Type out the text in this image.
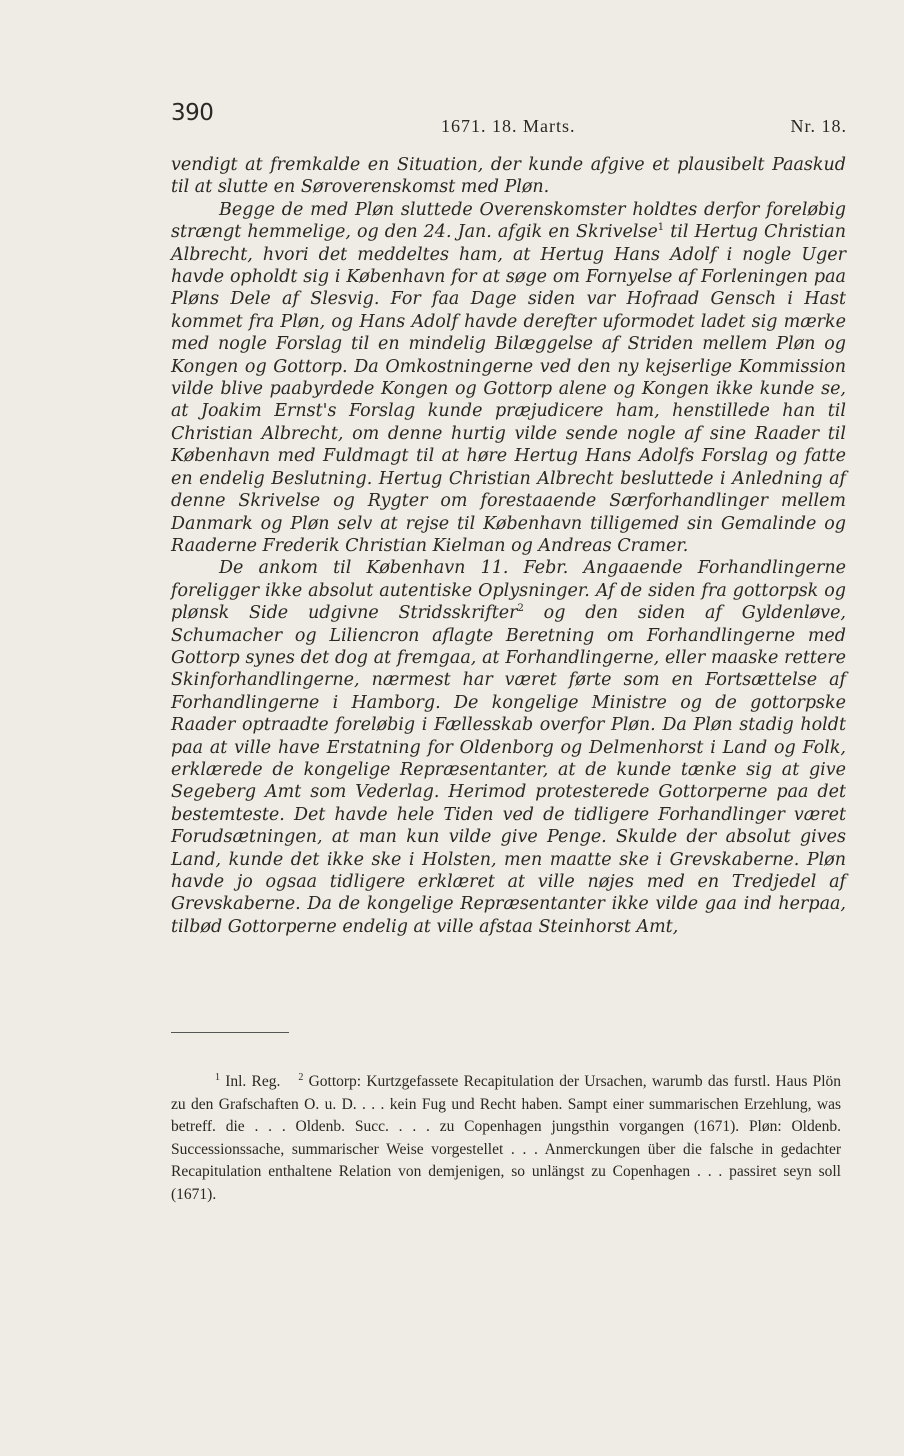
390	1671. 18. Marts.	Nr. 18.

vendigt at fremkalde en Situation, der kunde afgive et plausibelt Paaskud til at slutte en Søroverenskomst med Pløn.

Begge de med Pløn sluttede Overenskomster holdtes derfor foreløbig strængt hemmelige, og den 24. Jan. afgik en Skrivelse$^1$ til Hertug Christian Albrecht, hvori det meddeltes ham, at Hertug Hans Adolf i nogle Uger havde opholdt sig i København for at søge om Fornyelse af Forleningen paa Pløns Dele af Slesvig. For faa Dage siden var Hofraad Gensch i Hast kommet fra Pløn, og Hans Adolf havde derefter uformodet ladet sig mærke med nogle Forslag til en mindelig Bilæggelse af Striden mellem Pløn og Kongen og Gottorp. Da Omkostningerne ved den ny kejserlige Kommission vilde blive paabyrdede Kongen og Gottorp alene og Kongen ikke kunde se, at Joakim Ernst's Forslag kunde præjudicere ham, henstillede han til Christian Albrecht, om denne hurtig vilde sende nogle af sine Raader til København med Fuldmagt til at høre Hertug Hans Adolfs Forslag og fatte en endelig Beslutning. Hertug Christian Albrecht besluttede i Anledning af denne Skrivelse og Rygter om forestaaende Særforhandlinger mellem Danmark og Pløn selv at rejse til København tilligemed sin Gemalinde og Raaderne Frederik Christian Kielman og Andreas Cramer.

De ankom til København 11. Febr. Angaaende Forhandlingerne foreligger ikke absolut autentiske Oplysninger. Af de siden fra gottorpsk og plønsk Side udgivne Stridsskrifter$^2$ og den siden af Gyldenløve, Schumacher og Liliencron aflagte Beretning om Forhandlingerne med Gottorp synes det dog at fremgaa, at Forhandlingerne, eller maaske rettere Skinforhandlingerne, nærmest har været førte som en Fortsættelse af Forhandlingerne i Hamborg. De kongelige Ministre og de gottorpske Raader optraadte foreløbig i Fællesskab overfor Pløn. Da Pløn stadig holdt paa at ville have Erstatning for Oldenborg og Delmenhorst i Land og Folk, erklærede de kongelige Repræsentanter, at de kunde tænke sig at give Segeberg Amt som Vederlag. Herimod protesterede Gottorperne paa det bestemteste. Det havde hele Tiden ved de tidligere Forhandlinger været Forudsætningen, at man kun vilde give Penge. Skulde der absolut gives Land, kunde det ikke ske i Holsten, men maatte ske i Grevskaberne. Pløn havde jo ogsaa tidligere erklæret at ville nøjes med en Tredjedel af Grevskaberne. Da de kongelige Repræsentanter ikke vilde gaa ind herpaa, tilbød Gottorperne endelig at ville afstaa Steinhorst Amt,

$^1$ Inl. Reg. $^2$ Gottorp: Kurtzgefassete Recapitulation der Ursachen, warumb das furstl. Haus Plön zu den Grafschaften O. u. D. . . . kein Fug und Recht haben. Sampt einer summarischen Erzehlung, was betreff. die . . . Oldenb. Succ. . . . zu Copenhagen jungsthin vorgangen (1671). Pløn: Oldenb. Successionssache, summarischer Weise vorgestellet . . . Anmerckungen über die falsche in gedachter Recapitulation enthaltene Relation von demjenigen, so unlängst zu Copenhagen . . . passiret seyn soll (1671).
